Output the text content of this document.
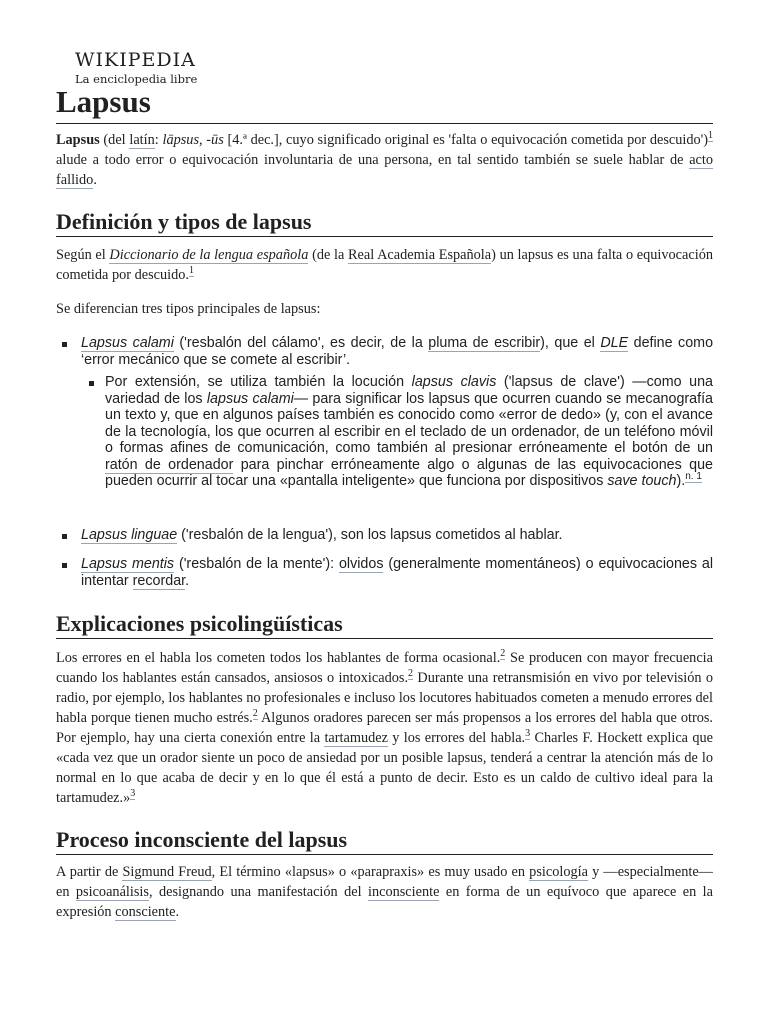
WIKIPEDIA
La enciclopedia libre
Lapsus
Lapsus (del latín: lāpsus, -ūs [4.ª dec.], cuyo significado original es 'falta o equivocación cometida por descuido')$^1$ alude a todo error o equivocación involuntaria de una persona, en tal sentido también se suele hablar de acto fallido.
Definición y tipos de lapsus
Según el Diccionario de la lengua española (de la Real Academia Española) un lapsus es una falta o equivocación cometida por descuido.$^1$
Se diferencian tres tipos principales de lapsus:
Lapsus calami ('resbalón del cálamo', es decir, de la pluma de escribir), que el DLE define como ‘error mecánico que se comete al escribir’.
Por extensión, se utiliza también la locución lapsus clavis ('lapsus de clave') —como una variedad de los lapsus calami— para significar los lapsus que ocurren cuando se mecanografía un texto y, que en algunos países también es conocido como «error de dedo» (y, con el avance de la tecnología, los que ocurren al escribir en el teclado de un ordenador, de un teléfono móvil o formas afines de comunicación, como también al presionar erróneamente el botón de un ratón de ordenador para pinchar erróneamente algo o algunas de las equivocaciones que pueden ocurrir al tocar una «pantalla inteligente» que funciona por dispositivos save touch).$^{n. 1}$
Lapsus linguae ('resbalón de la lengua'), son los lapsus cometidos al hablar.
Lapsus mentis ('resbalón de la mente'): olvidos (generalmente momentáneos) o equivocaciones al intentar recordar.
Explicaciones psicolingüísticas
Los errores en el habla los cometen todos los hablantes de forma ocasional.$^2$ Se producen con mayor frecuencia cuando los hablantes están cansados, ansiosos o intoxicados.$^2$ Durante una retransmisión en vivo por televisión o radio, por ejemplo, los hablantes no profesionales e incluso los locutores habituados cometen a menudo errores del habla porque tienen mucho estrés.$^2$ Algunos oradores parecen ser más propensos a los errores del habla que otros. Por ejemplo, hay una cierta conexión entre la tartamudez y los errores del habla.$^3$ Charles F. Hockett explica que «cada vez que un orador siente un poco de ansiedad por un posible lapsus, tenderá a centrar la atención más de lo normal en lo que acaba de decir y en lo que él está a punto de decir. Esto es un caldo de cultivo ideal para la tartamudez.»$^3$
Proceso inconsciente del lapsus
A partir de Sigmund Freud, El término «lapsus» o «parapraxis» es muy usado en psicología y —especialmente— en psicoanálisis, designando una manifestación del inconsciente en forma de un equívoco que aparece en la expresión consciente.
